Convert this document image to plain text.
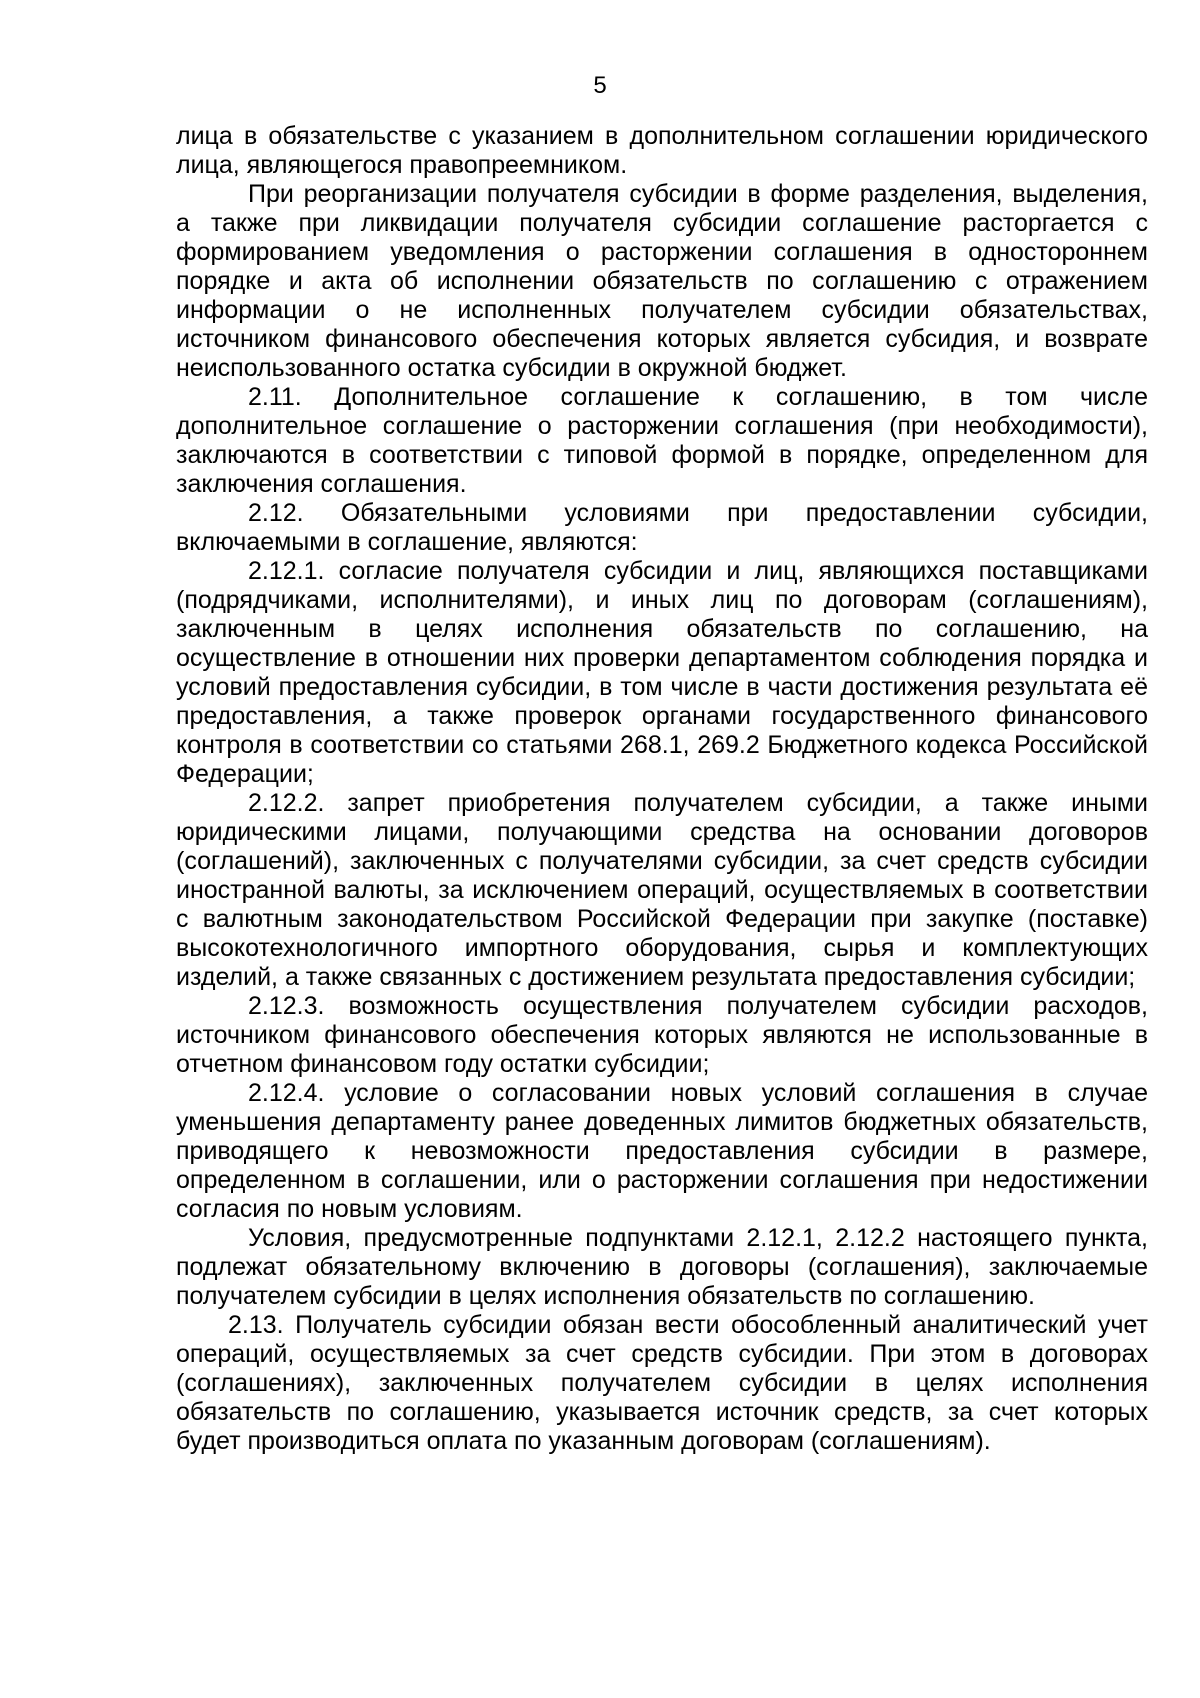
5

лица в обязательстве с указанием в дополнительном соглашении юридического лица, являющегося правопреемником.

При реорганизации получателя субсидии в форме разделения, выделения, а также при ликвидации получателя субсидии соглашение расторгается с формированием уведомления о расторжении соглашения в одностороннем порядке и акта об исполнении обязательств по соглашению с отражением информации о не исполненных получателем субсидии обязательствах, источником финансового обеспечения которых является субсидия, и возврате неиспользованного остатка субсидии в окружной бюджет.

2.11. Дополнительное соглашение к соглашению, в том числе дополнительное соглашение о расторжении соглашения (при необходимости), заключаются в соответствии с типовой формой в порядке, определенном для заключения соглашения.

2.12. Обязательными условиями при предоставлении субсидии, включаемыми в соглашение, являются:

2.12.1. согласие получателя субсидии и лиц, являющихся поставщиками (подрядчиками, исполнителями), и иных лиц по договорам (соглашениям), заключенным в целях исполнения обязательств по соглашению, на осуществление в отношении них проверки департаментом соблюдения порядка и условий предоставления субсидии, в том числе в части достижения результата её предоставления, а также проверок органами государственного финансового контроля в соответствии со статьями 268.1, 269.2 Бюджетного кодекса Российской Федерации;

2.12.2. запрет приобретения получателем субсидии, а также иными юридическими лицами, получающими средства на основании договоров (соглашений), заключенных с получателями субсидии, за счет средств субсидии иностранной валюты, за исключением операций, осуществляемых в соответствии с валютным законодательством Российской Федерации при закупке (поставке) высокотехнологичного импортного оборудования, сырья и комплектующих изделий, а также связанных с достижением результата предоставления субсидии;

2.12.3. возможность осуществления получателем субсидии расходов, источником финансового обеспечения которых являются не использованные в отчетном финансовом году остатки субсидии;

2.12.4. условие о согласовании новых условий соглашения в случае уменьшения департаменту ранее доведенных лимитов бюджетных обязательств, приводящего к невозможности предоставления субсидии в размере, определенном в соглашении, или о расторжении соглашения при недостижении согласия по новым условиям.

Условия, предусмотренные подпунктами 2.12.1, 2.12.2 настоящего пункта, подлежат обязательному включению в договоры (соглашения), заключаемые получателем субсидии в целях исполнения обязательств по соглашению.

2.13. Получатель субсидии обязан вести обособленный аналитический учет операций, осуществляемых за счет средств субсидии. При этом в договорах (соглашениях), заключенных получателем субсидии в целях исполнения обязательств по соглашению, указывается источник средств, за счет которых будет производиться оплата по указанным договорам (соглашениям).
